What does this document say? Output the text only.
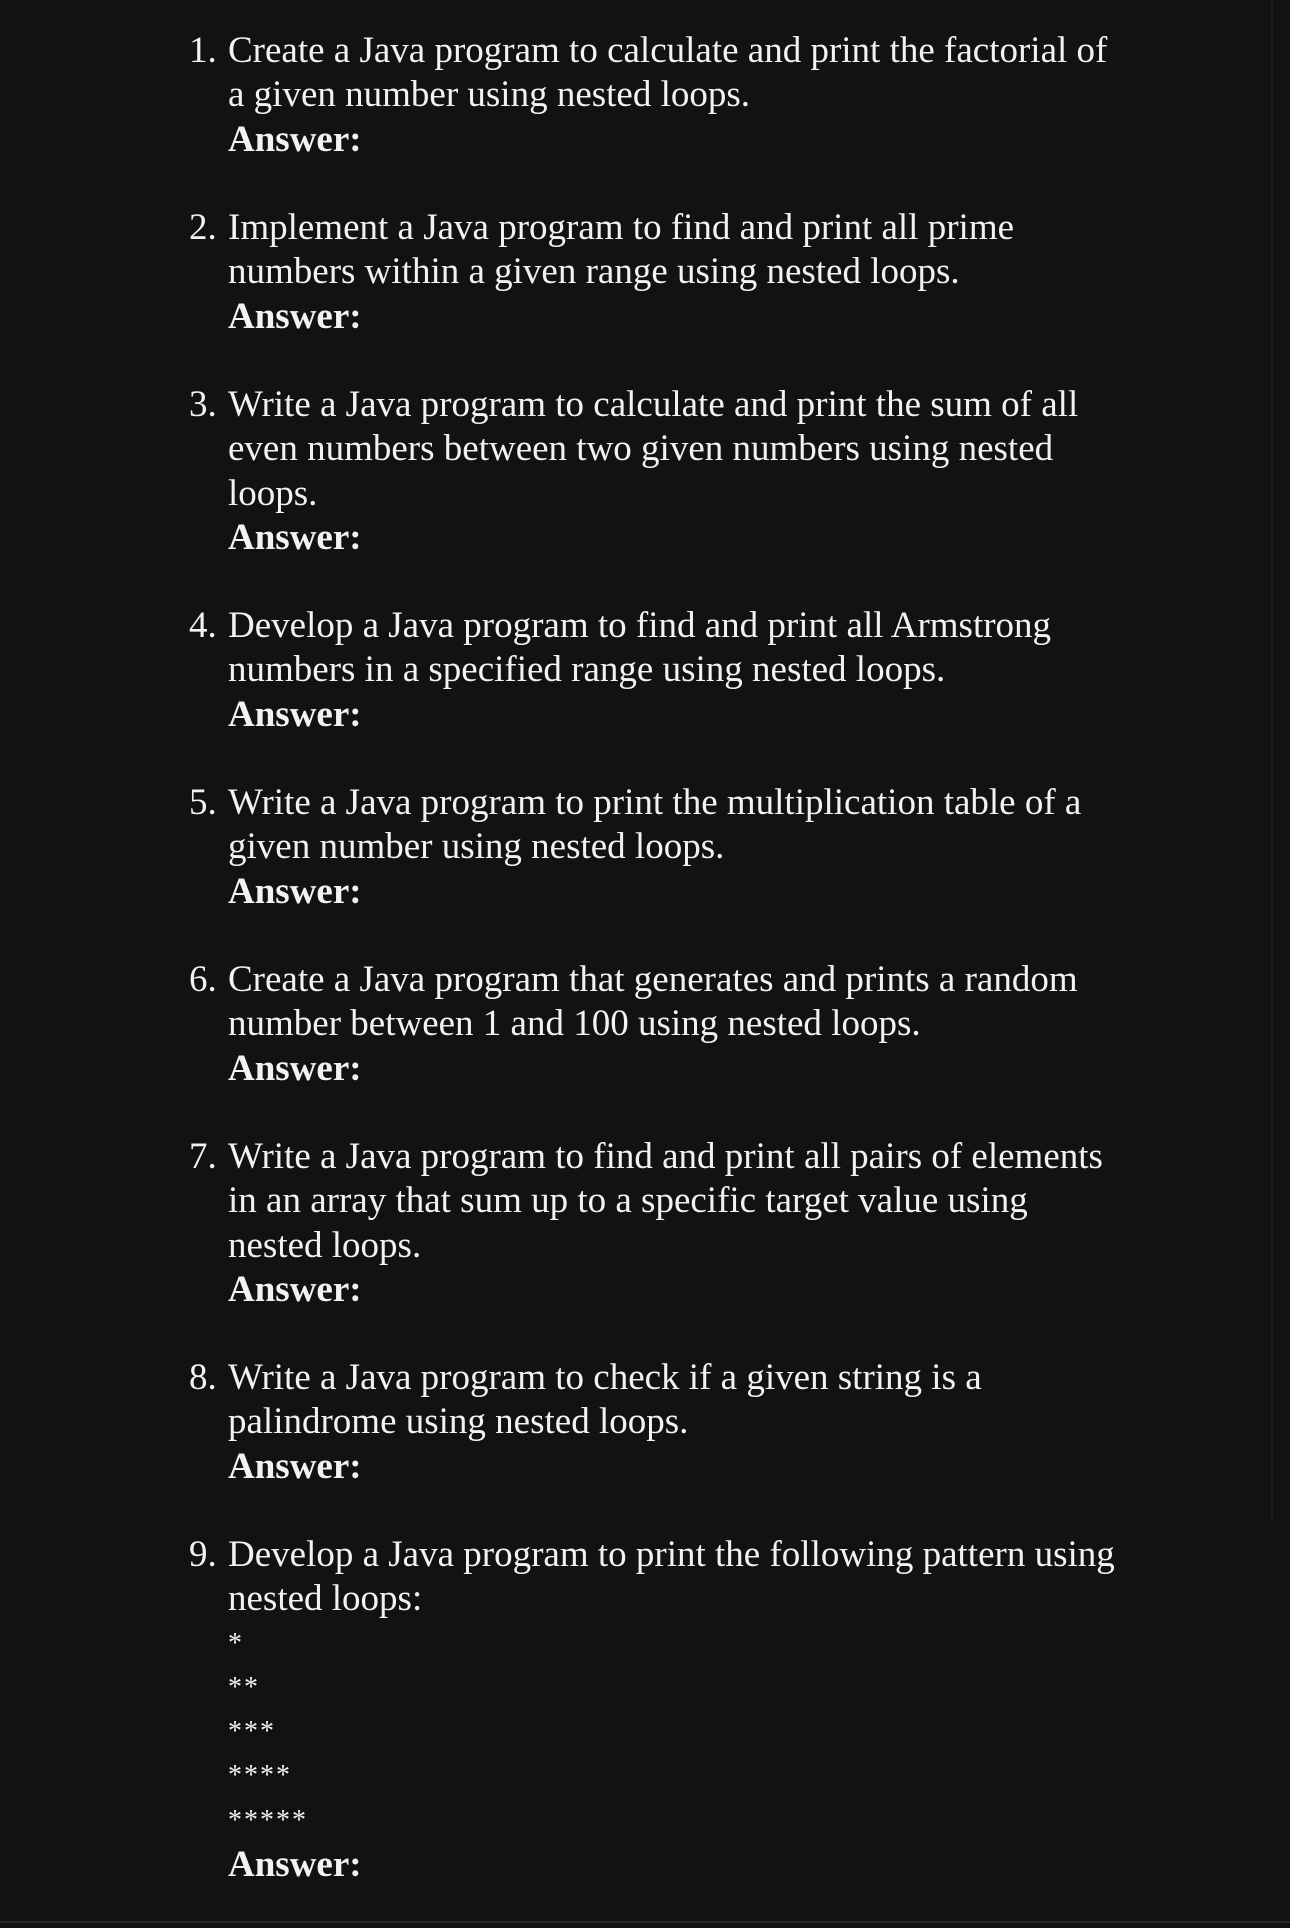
1. Create a Java program to calculate and print the factorial of
a given number using nested loops.
Answer:
2. Implement a Java program to find and print all prime
numbers within a given range using nested loops.
Answer:
3. Write a Java program to calculate and print the sum of all
even numbers between two given numbers using nested
loops.
Answer:
4. Develop a Java program to find and print all Armstrong
numbers in a specified range using nested loops.
Answer:
5. Write a Java program to print the multiplication table of a
given number using nested loops.
Answer:
6. Create a Java program that generates and prints a random
number between 1 and 100 using nested loops.
Answer:
7. Write a Java program to find and print all pairs of elements
in an array that sum up to a specific target value using
nested loops.
Answer:
8. Write a Java program to check if a given string is a
palindrome using nested loops.
Answer:
9. Develop a Java program to print the following pattern using
nested loops:
*
**
***
****
*****
Answer:
